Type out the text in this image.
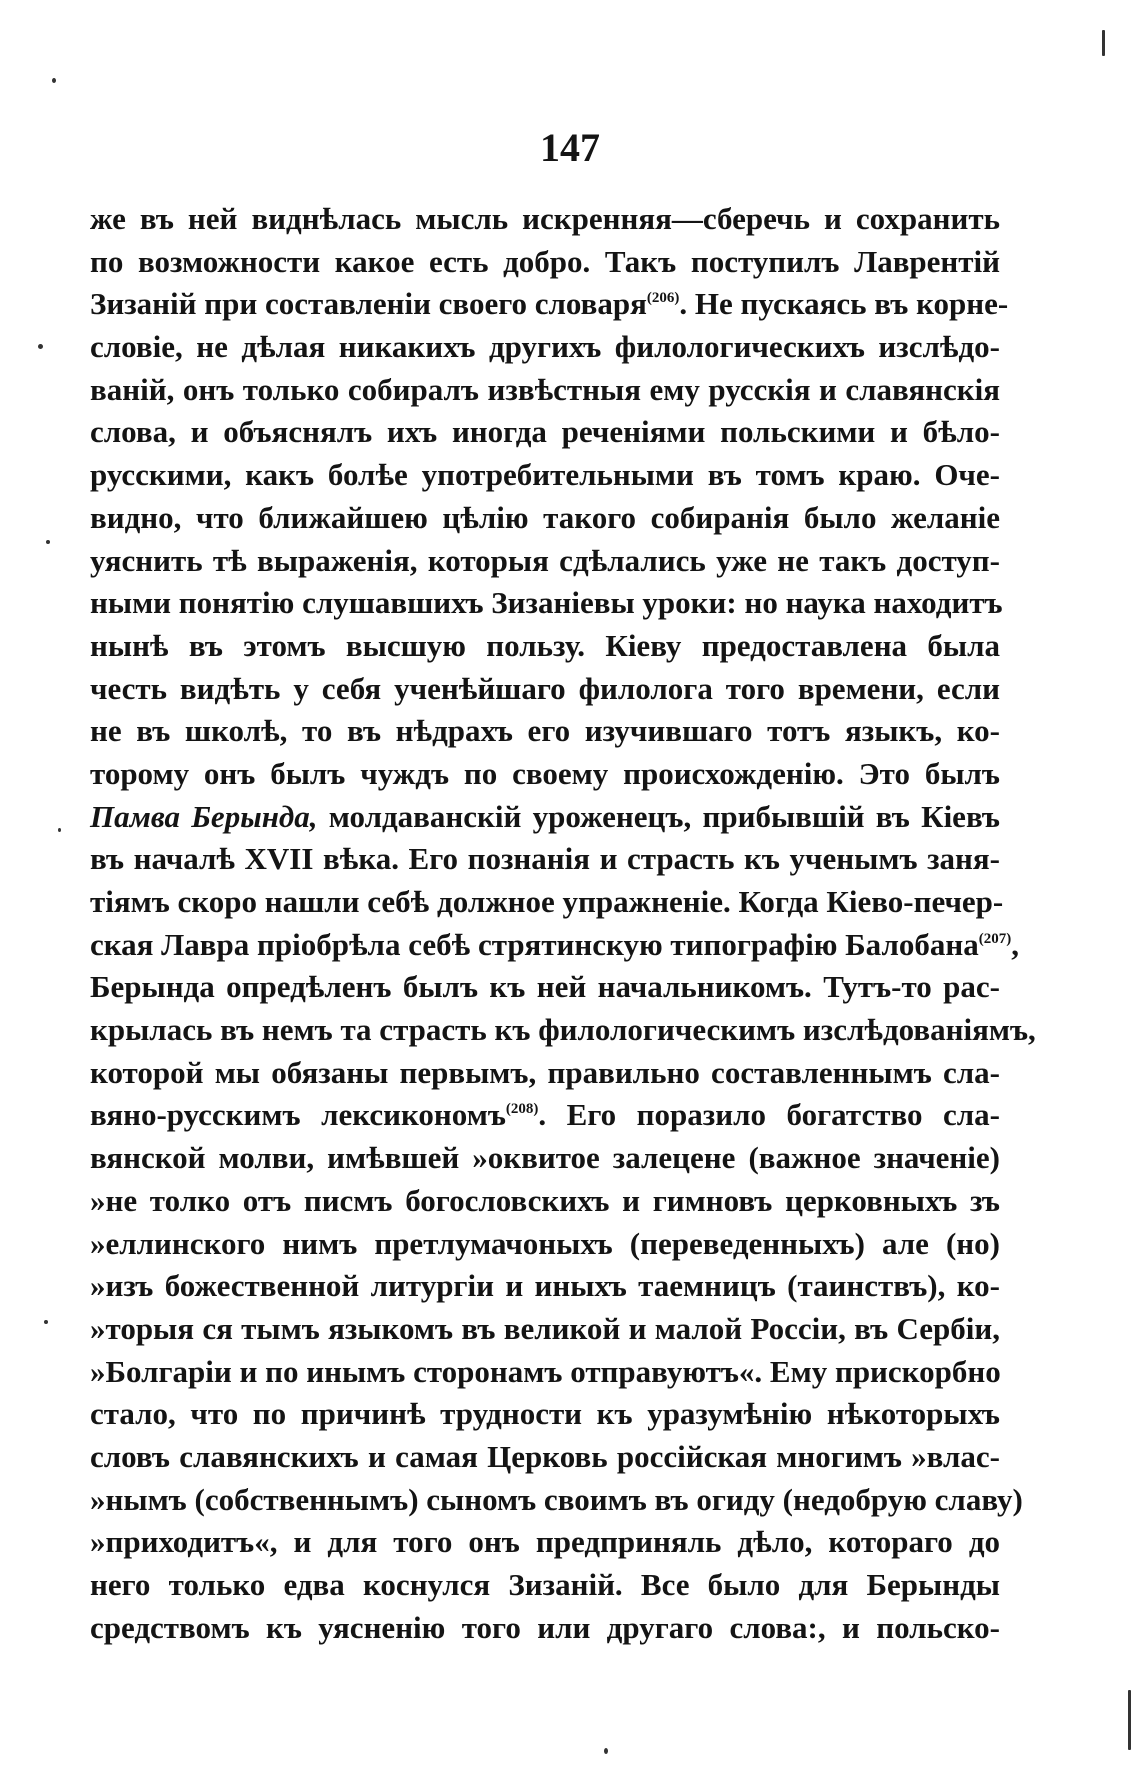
147
же въ ней виднѣлась мысль искренняя—сберечь и сохранить
по возможности какое есть добро. Такъ поступилъ Лаврентій
Зизаній при составленіи своего словаря$^{(206)}$. Не пускаясь въ корне-
словіе, не дѣлая никакихъ другихъ филологическихъ изслѣдо-
ваній, онъ только собиралъ извѣстныя ему русскія и славянскія
слова, и объяснялъ ихъ иногда реченіями польскими и бѣло-
русскими, какъ болѣе употребительными въ томъ краю. Оче-
видно, что ближайшею цѣлію такого собиранія было желаніе
уяснить тѣ выраженія, которыя сдѣлались уже не такъ доступ-
ными понятію слушавшихъ Зизаніевы уроки: но наука находитъ
нынѣ въ этомъ высшую пользу. Кіеву предоставлена была
честь видѣть у себя ученѣйшаго филолога того времени, если
не въ школѣ, то въ нѣдрахъ его изучившаго тотъ языкъ, ко-
торому онъ былъ чуждъ по своему происхожденію. Это былъ
Памва Берында, молдаванскій уроженецъ, прибывшій въ Кіевъ
въ началѣ XVII вѣка. Его познанія и страсть къ ученымъ заня-
тіямъ скоро нашли себѣ должное упражненіе. Когда Кіево-печер-
ская Лавра пріобрѣла себѣ стрятинскую типографію Балобана$^{(207)}$,
Берында опредѣленъ былъ къ ней начальникомъ. Тутъ-то рас-
крылась въ немъ та страсть къ филологическимъ изслѣдованіямъ,
которой мы обязаны первымъ, правильно составленнымъ сла-
вяно-русскимъ лексикономъ$^{(208)}$. Его поразило богатство сла-
вянской молви, имѣвшей »оквитое залецене (важное значеніе)
»не толко отъ писмъ богословскихъ и гимновъ церковныхъ зъ
»еллинского нимъ претлумачоныхъ (переведенныхъ) але (но)
»изъ божественной литургіи и иныхъ таемницъ (таинствъ), ко-
»торыя ся тымъ языкомъ въ великой и малой Россіи, въ Сербіи,
»Болгаріи и по инымъ сторонамъ отправуютъ«. Ему прискорбно
стало, что по причинѣ трудности къ уразумѣнію нѣкоторыхъ
словъ славянскихъ и самая Церковь россійская многимъ »влас-
»нымъ (собственнымъ) сыномъ своимъ въ огиду (недобрую славу)
»приходитъ«, и для того онъ предприняль дѣло, котораго до
него только едва коснулся Зизаній. Все было для Берынды
средствомъ къ уясненію того или другаго слова:, и польско-
